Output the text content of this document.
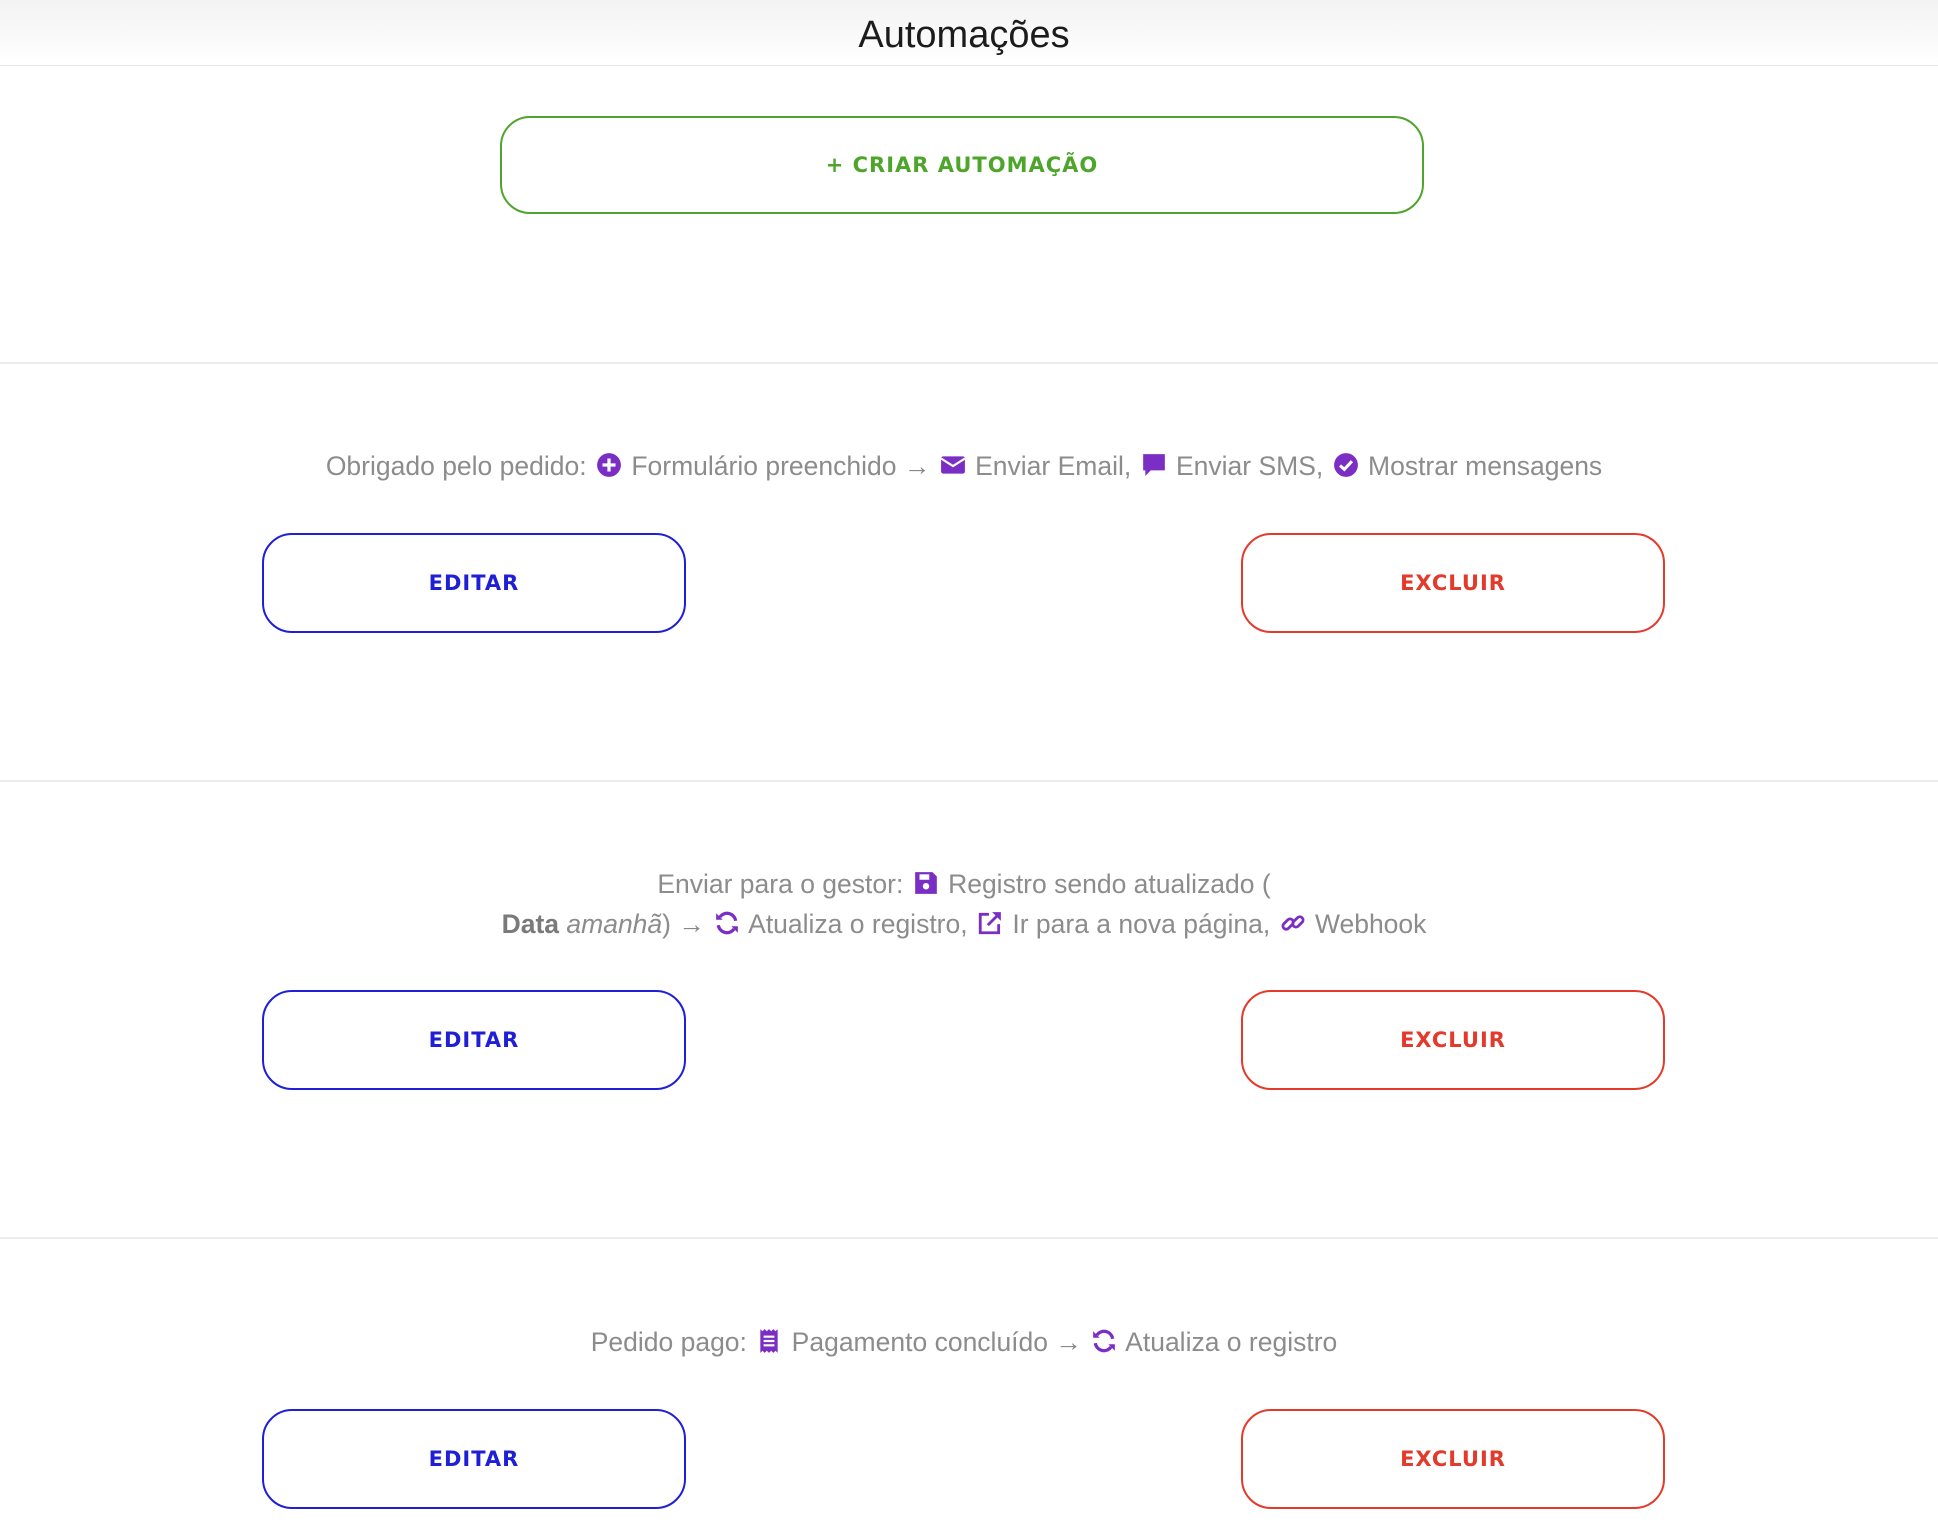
Automações
+ CRIAR AUTOMAÇÃO
Obrigado pelo pedido: Formulário preenchido → Enviar Email, Enviar SMS, Mostrar mensagens
EDITAR	EXCLUIR
Enviar para o gestor: Registro sendo atualizado (
Data amanhã) → Atualiza o registro, Ir para a nova página, Webhook
EDITAR	EXCLUIR
Pedido pago: Pagamento concluído → Atualiza o registro
EDITAR	EXCLUIR
